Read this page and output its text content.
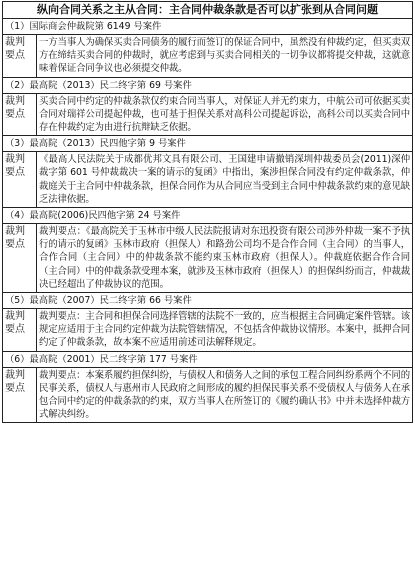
纵向合同关系之主从合同：主合同仲裁条款是否可以扩张到从合同问题	
（1）国际商会仲裁院第 6149 号案件	
裁判要点	一方当事人为确保买卖合同债务的履行而签订的保证合同中，虽然没有仲裁约定，但买卖双方在缔结买卖合同的仲裁时，就应考虑到与买卖合同相关的一切争议都将提交仲裁，这就意味着保证合同争议也必须提交仲裁。
（2）最高院（2013）民二终字第 69 号案件	
裁判要点	买卖合同中约定的仲裁条款仅约束合同当事人，对保证人并无约束力，中航公司可依据买卖合同对瑞祥公司提起仲裁，也可基于担保关系对高科公司提起诉讼，高科公司以买卖合同中存在仲裁约定为由进行抗辩缺乏依据。
（3）最高院（2013）民四他字第 9 号案件	
裁判要点	《最高人民法院关于成都优邦文具有限公司、王国建申请撤销深圳仲裁委员会(2011)深仲裁字第 601 号仲裁裁决一案的请示的复函》中指出，案涉担保合同没有约定仲裁条款，仲裁庭关于主合同中仲裁条款，担保合同作为从合同应当受到主合同中仲裁条款约束的意见缺乏法律依据。
（4）最高院(2006)民四他字第 24 号案件	
裁判要点	裁判要点：《最高院关于玉林市中级人民法院报请对东迅投资有限公司涉外仲裁一案不予执行的请示的复函》玉林市政府（担保人）和路劲公司均不是合作合同（主合同）的当事人，合作合同（主合同）中的仲裁条款不能约束玉林市政府（担保人）。仲裁庭依据合作合同（主合同）中的仲裁条款受理本案，就涉及玉林市政府（担保人）的担保纠纷而言，仲裁裁决已经超出了仲裁协议的范围。
（5）最高院（2007）民二终字第 66 号案件	
裁判要点	裁判要点：主合同和担保合同选择管辖的法院不一致的，应当根据主合同确定案件管辖。该规定应适用于主合同约定仲裁为法院管辖情况，不包括含仲裁协议情形。本案中，抵押合同约定了仲裁条款，故本案不应适用前述司法解释规定。
（6）最高院（2001）民二终字第 177 号案件	
裁判要点	裁判要点：本案系履约担保纠纷，与债权人和债务人之间的承包工程合同纠纷系两个不同的民事关系，债权人与惠州市人民政府之间形成的履约担保民事关系不受债权人与债务人在承包合同中约定的仲裁条款的约束，双方当事人在所签订的《履约确认书》中并未选择仲裁方式解决纠纷。
